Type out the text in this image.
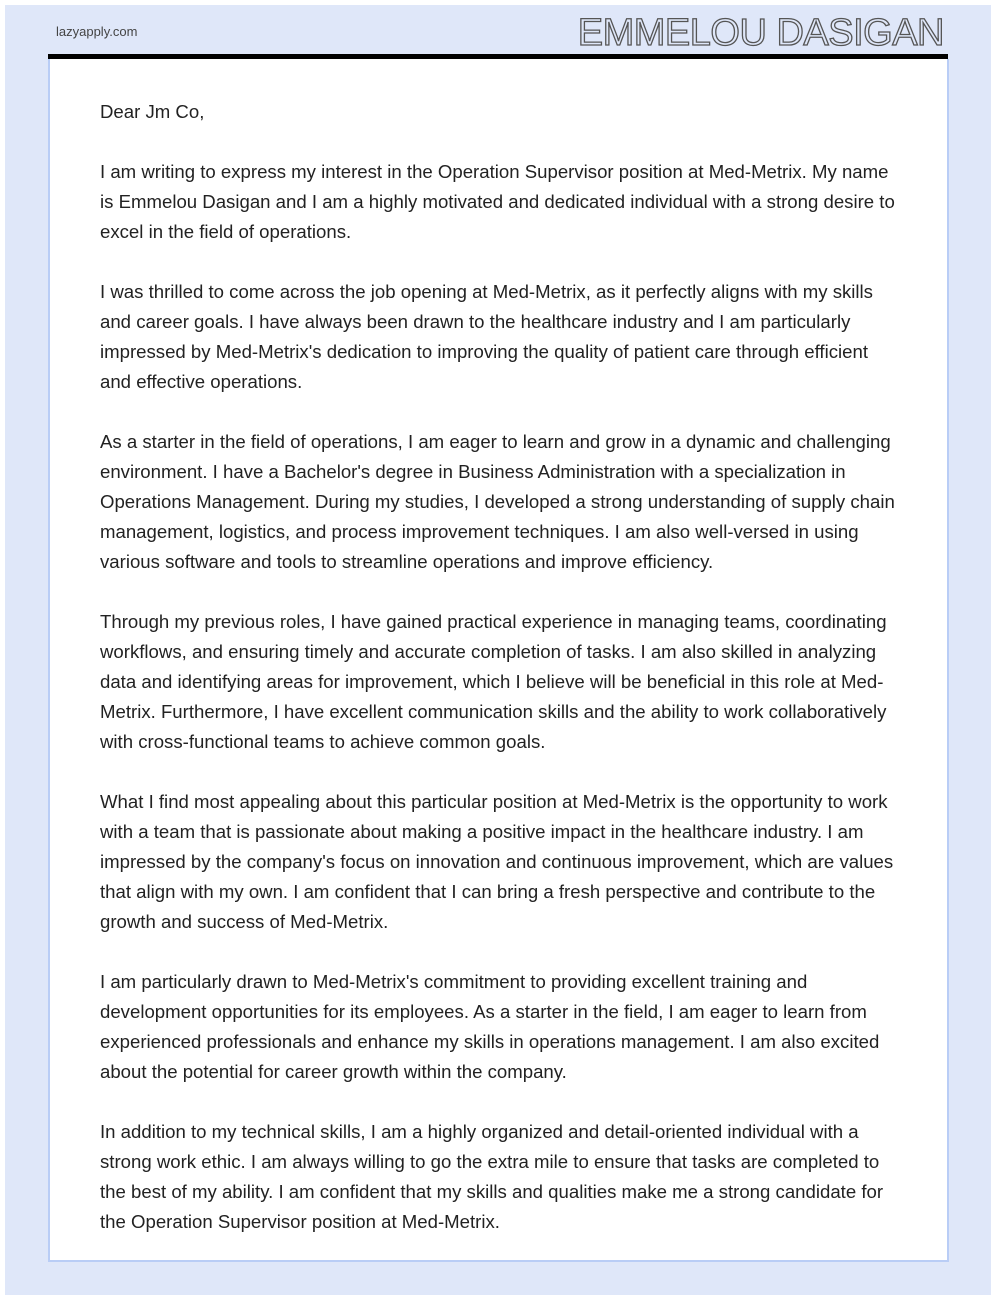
EMMELOU DASIGAN
lazyapply.com

Dear Jm Co,

I am writing to express my interest in the Operation Supervisor position at Med-Metrix. My name is Emmelou Dasigan and I am a highly motivated and dedicated individual with a strong desire to excel in the field of operations.

I was thrilled to come across the job opening at Med-Metrix, as it perfectly aligns with my skills and career goals. I have always been drawn to the healthcare industry and I am particularly impressed by Med-Metrix's dedication to improving the quality of patient care through efficient and effective operations.

As a starter in the field of operations, I am eager to learn and grow in a dynamic and challenging environment. I have a Bachelor's degree in Business Administration with a specialization in Operations Management. During my studies, I developed a strong understanding of supply chain management, logistics, and process improvement techniques. I am also well-versed in using various software and tools to streamline operations and improve efficiency.

Through my previous roles, I have gained practical experience in managing teams, coordinating workflows, and ensuring timely and accurate completion of tasks. I am also skilled in analyzing data and identifying areas for improvement, which I believe will be beneficial in this role at Med-Metrix. Furthermore, I have excellent communication skills and the ability to work collaboratively with cross-functional teams to achieve common goals.

What I find most appealing about this particular position at Med-Metrix is the opportunity to work with a team that is passionate about making a positive impact in the healthcare industry. I am impressed by the company's focus on innovation and continuous improvement, which are values that align with my own. I am confident that I can bring a fresh perspective and contribute to the growth and success of Med-Metrix.

I am particularly drawn to Med-Metrix's commitment to providing excellent training and development opportunities for its employees. As a starter in the field, I am eager to learn from experienced professionals and enhance my skills in operations management. I am also excited about the potential for career growth within the company.

In addition to my technical skills, I am a highly organized and detail-oriented individual with a strong work ethic. I am always willing to go the extra mile to ensure that tasks are completed to the best of my ability. I am confident that my skills and qualities make me a strong candidate for the Operation Supervisor position at Med-Metrix.
